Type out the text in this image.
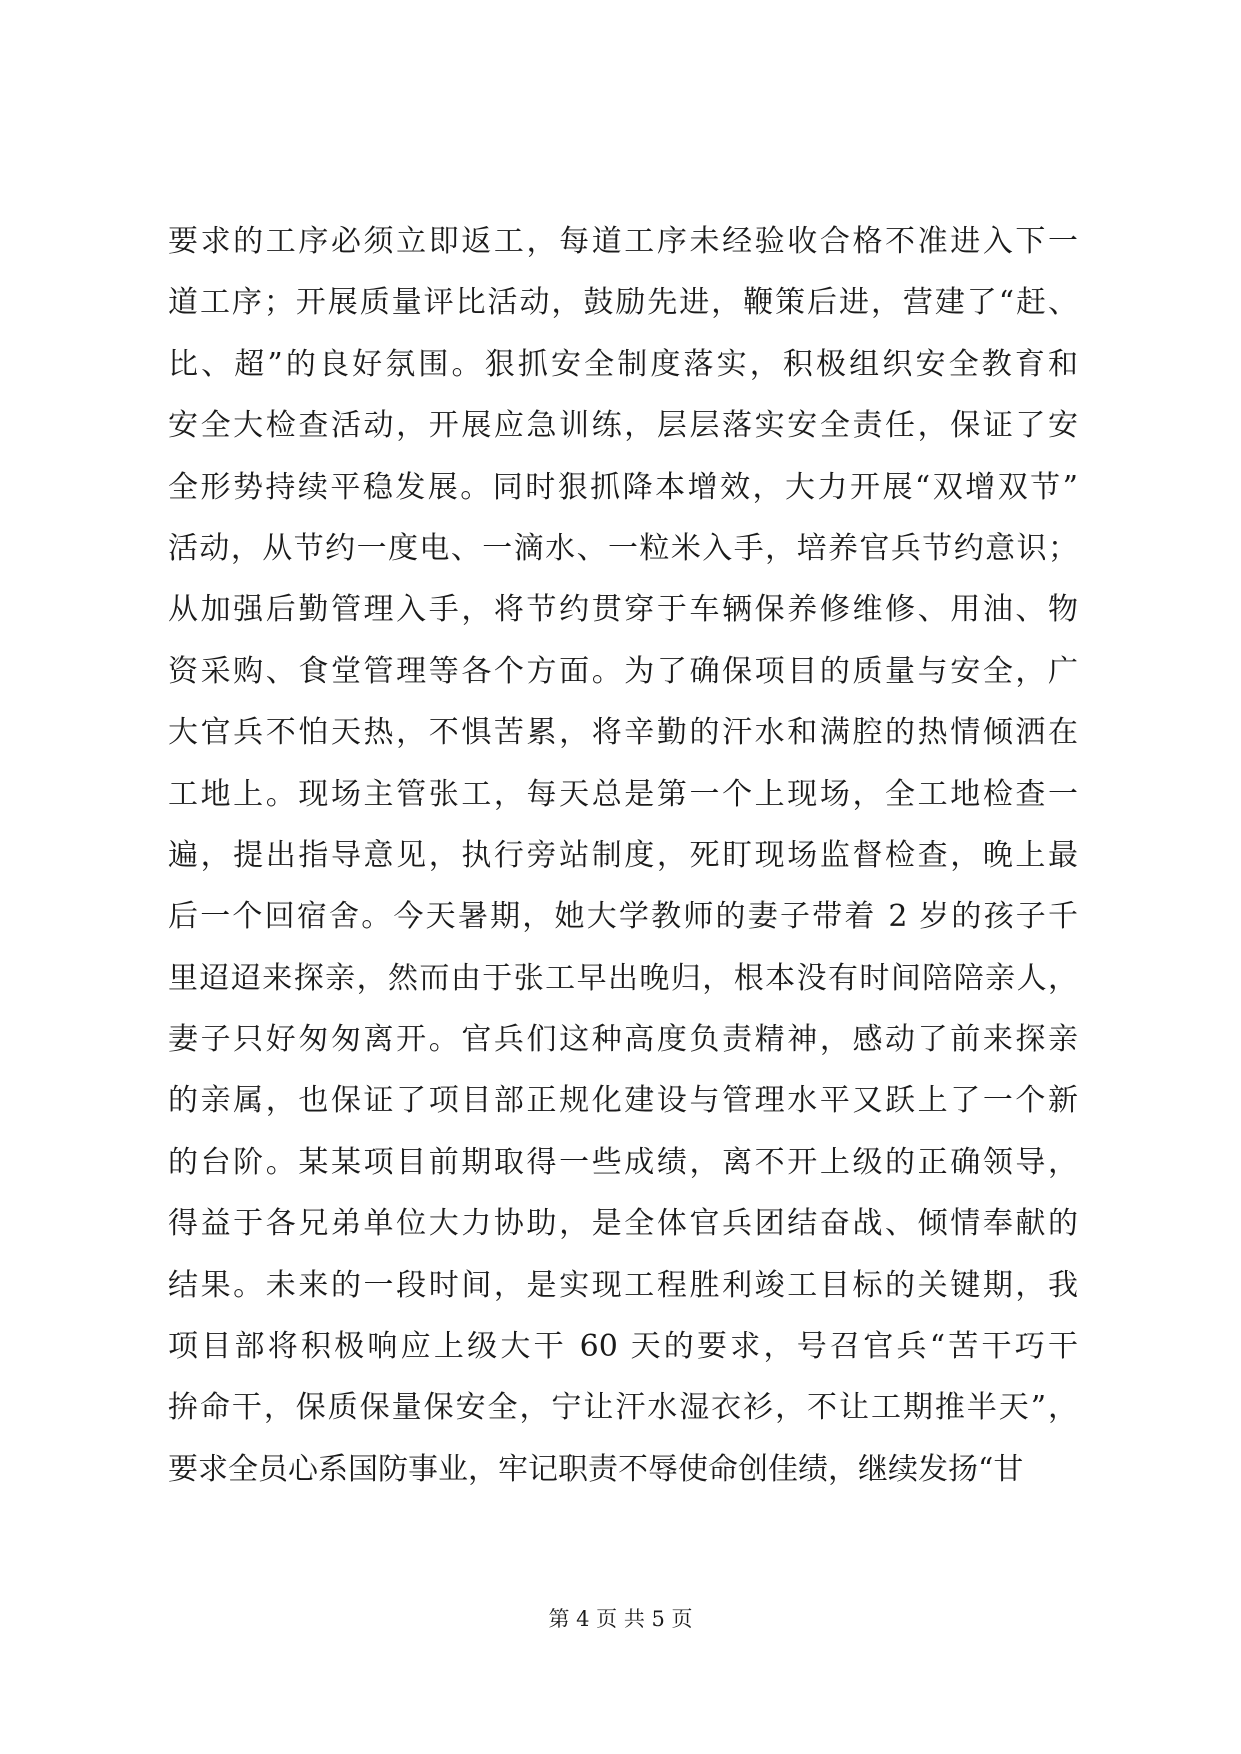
要求的工序必须立即返工，每道工序未经验收合格不准进入下一
道工序；开展质量评比活动，鼓励先进，鞭策后进，营建了“赶、
比、超”的良好氛围。狠抓安全制度落实，积极组织安全教育和
安全大检查活动，开展应急训练，层层落实安全责任，保证了安
全形势持续平稳发展。同时狠抓降本增效，大力开展“双增双节”
活动，从节约一度电、一滴水、一粒米入手，培养官兵节约意识；
从加强后勤管理入手，将节约贯穿于车辆保养修维修、用油、物
资采购、食堂管理等各个方面。为了确保项目的质量与安全，广
大官兵不怕天热，不惧苦累，将辛勤的汗水和满腔的热情倾洒在
工地上。现场主管张工，每天总是第一个上现场，全工地检查一
遍，提出指导意见，执行旁站制度，死盯现场监督检查，晚上最
后一个回宿舍。今天暑期，她大学教师的妻子带着 2 岁的孩子千
里迢迢来探亲，然而由于张工早出晚归，根本没有时间陪陪亲人，
妻子只好匆匆离开。官兵们这种高度负责精神，感动了前来探亲
的亲属，也保证了项目部正规化建设与管理水平又跃上了一个新
的台阶。某某项目前期取得一些成绩，离不开上级的正确领导，
得益于各兄弟单位大力协助，是全体官兵团结奋战、倾情奉献的
结果。未来的一段时间，是实现工程胜利竣工目标的关键期，我
项目部将积极响应上级大干 60 天的要求，号召官兵“苦干巧干
拚命干，保质保量保安全，宁让汗水湿衣衫，不让工期推半天”，
要求全员心系国防事业，牢记职责不辱使命创佳绩，继续发扬“甘
第 4 页 共 5 页
